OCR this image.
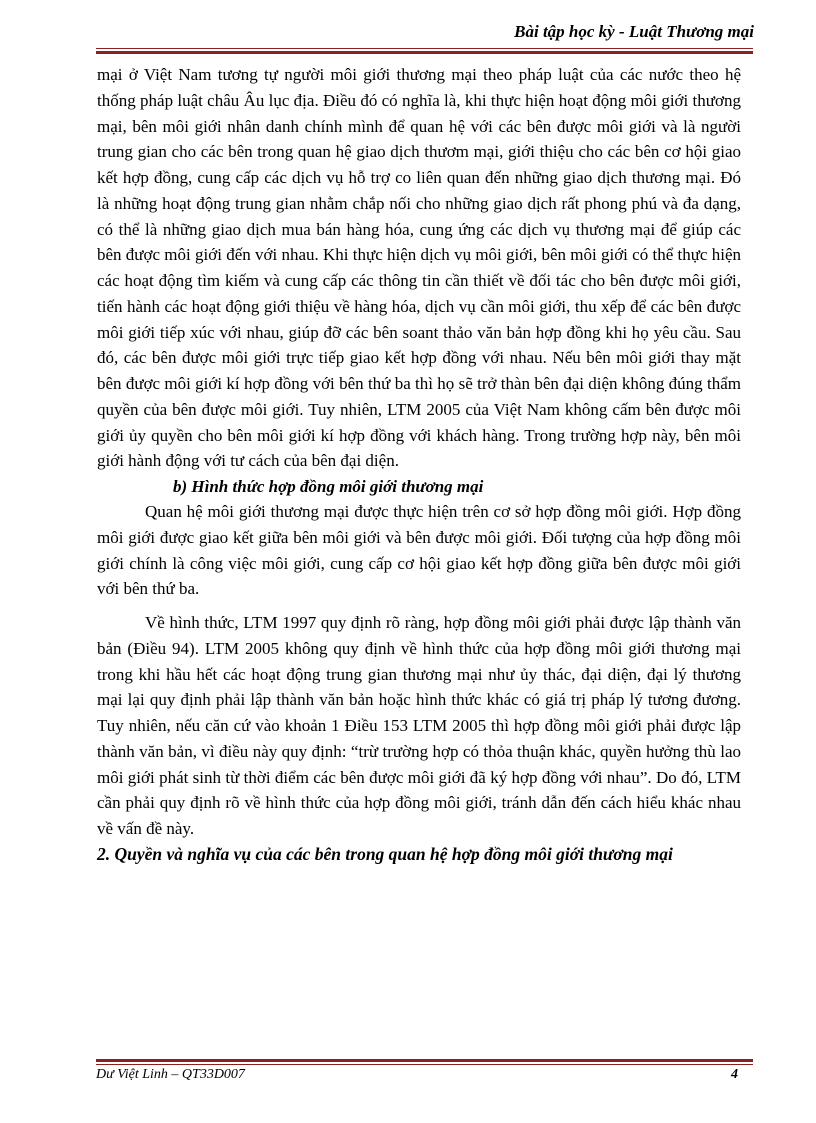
Bài tập học kỳ - Luật Thương mại

mại ở Việt Nam tương tự người môi giới thương mại theo pháp luật của các nước theo hệ thống pháp luật châu Âu lục địa. Điều đó có nghĩa là, khi thực hiện hoạt động môi giới thương mại, bên môi giới nhân danh chính mình để quan hệ với các bên được môi giới và là người trung gian cho các bên trong quan hệ giao dịch thươm mại, giới thiệu cho các bên cơ hội giao kết hợp đồng, cung cấp các dịch vụ hỗ trợ co liên quan đến những giao dịch thương mại. Đó là những hoạt động trung gian nhằm chắp nối cho những giao dịch rất phong phú và đa dạng, có thể là những giao dịch mua bán hàng hóa, cung ứng các dịch vụ thương mại để giúp các bên được môi giới đến với nhau. Khi thực hiện dịch vụ môi giới, bên môi giới có thể thực hiện các hoạt động tìm kiếm và cung cấp các thông tin cần thiết về đối tác cho bên được môi giới, tiến hành các hoạt động giới thiệu về hàng hóa, dịch vụ cần môi giới, thu xếp để các bên được môi giới tiếp xúc với nhau, giúp đỡ các bên soant thảo văn bản hợp đồng khi họ yêu cầu. Sau đó, các bên được môi giới trực tiếp giao kết hợp đồng với nhau. Nếu bên môi giới thay mặt bên được môi giới kí hợp đồng với bên thứ ba thì họ sẽ trở thàn bên đại diện không đúng thẩm quyền của bên được môi giới. Tuy nhiên, LTM 2005 của Việt Nam không cấm bên được môi giới ủy quyền cho bên môi giới kí hợp đồng với khách hàng. Trong trường hợp này, bên môi giới hành động với tư cách của bên đại diện.

b) Hình thức hợp đồng môi giới thương mại

Quan hệ môi giới thương mại được thực hiện trên cơ sở hợp đồng môi giới. Hợp đồng môi giới được giao kết giữa bên môi giới và bên được môi giới. Đối tượng của hợp đồng môi giới chính là công việc môi giới, cung cấp cơ hội giao kết hợp đồng giữa bên được môi giới với bên thứ ba.

Về hình thức, LTM 1997 quy định rõ ràng, hợp đồng môi giới phải được lập thành văn bản (Điều 94). LTM 2005 không quy định về hình thức của hợp đồng môi giới thương mại trong khi hầu hết các hoạt động trung gian thương mại như ủy thác, đại diện, đại lý thương mại lại quy định phải lập thành văn bản hoặc hình thức khác có giá trị pháp lý tương đương. Tuy nhiên, nếu căn cứ vào khoản 1 Điều 153 LTM 2005 thì hợp đồng môi giới phải được lập thành văn bản, vì điều này quy định: “trừ trường hợp có thỏa thuận khác, quyền hưởng thù lao môi giới phát sinh từ thời điểm các bên được môi giới đã ký hợp đồng với nhau”. Do đó, LTM cần phải quy định rõ về hình thức của hợp đồng môi giới, tránh dẫn đến cách hiểu khác nhau về vấn đề này.

2. Quyền và nghĩa vụ của các bên trong quan hệ hợp đồng môi giới thương mại

Dư Việt Linh – QT33D007	4
